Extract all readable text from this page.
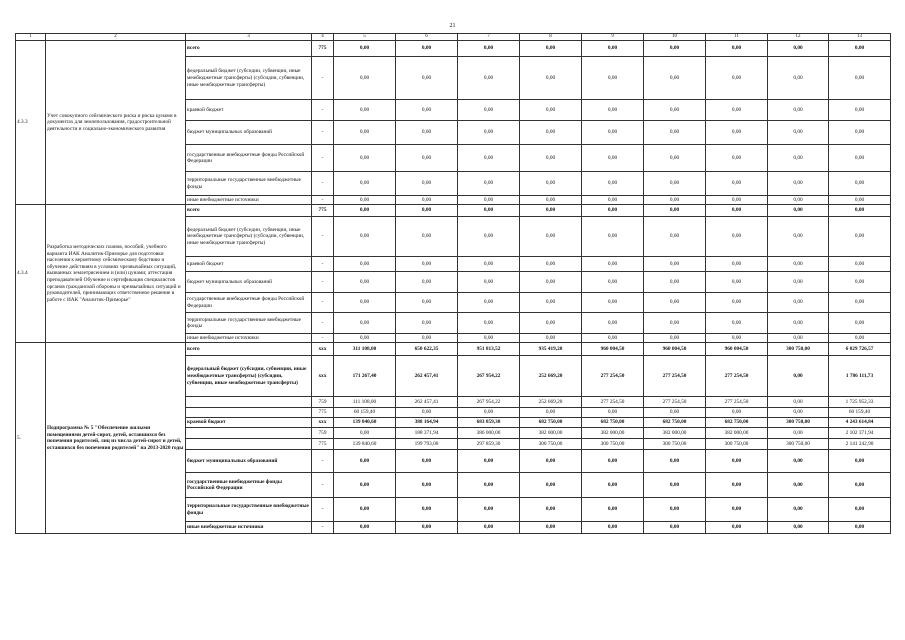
21
1	2	3	4	5	6	7	8	9	10	11	12	13
4.3.3	Учет совокупного сейсмического риска и риска цунами в документах для землепользования, градостроительной деятельности и социально-экономического развития	всего	775	0,00	0,00	0,00	0,00	0,00	0,00	0,00	0,00	0,00
		федеральный бюджет (субсидии, субвенции, иные межбюджетные трансферты) (субсидии, субвенции, иные межбюджетные трансферты)	-	0,00	0,00	0,00	0,00	0,00	0,00	0,00	0,00	0,00
		краевой бюджет	-	0,00	0,00	0,00	0,00	0,00	0,00	0,00	0,00	0,00
		бюджет муниципальных образований	-	0,00	0,00	0,00	0,00	0,00	0,00	0,00	0,00	0,00
		государственные внебюджетные фонды Российской Федерации	-	0,00	0,00	0,00	0,00	0,00	0,00	0,00	0,00	0,00
		территориальные государственные внебюджетные фонды	-	0,00	0,00	0,00	0,00	0,00	0,00	0,00	0,00	0,00
		иные внебюджетные источники	-	0,00	0,00	0,00	0,00	0,00	0,00	0,00	0,00	0,00
4.3.4	Разработка методических планов, пособий, учебного варианта ИАК Аналитик-Приморье для подготовки населения к вероятному сейсмическому бедствию и обучение действиям в условиях чрезвычайных ситуаций, вызванных землетрясением и (или) цунами; аттестация преподавателей Обучение и сертификация специалистов органов гражданской обороны и чрезвычайных ситуаций и руководителей, принимающих ответственное решение в работе с ИАК "Аналитик-Приморье"	всего	775	0,00	0,00	0,00	0,00	0,00	0,00	0,00	0,00	0,00
		федеральный бюджет (субсидии, субвенции, иные межбюджетные трансферты) (субсидии, субвенции, иные межбюджетные трансферты)	-	0,00	0,00	0,00	0,00	0,00	0,00	0,00	0,00	0,00
		краевой бюджет	-	0,00	0,00	0,00	0,00	0,00	0,00	0,00	0,00	0,00
		бюджет муниципальных образований	-	0,00	0,00	0,00	0,00	0,00	0,00	0,00	0,00	0,00
		государственные внебюджетные фонды Российской Федерации	-	0,00	0,00	0,00	0,00	0,00	0,00	0,00	0,00	0,00
		территориальные государственные внебюджетные фонды	-	0,00	0,00	0,00	0,00	0,00	0,00	0,00	0,00	0,00
		иные внебюджетные источники	-	0,00	0,00	0,00	0,00	0,00	0,00	0,00	0,00	0,00
5.	Подпрограмма № 5 "Обеспечение жилыми помещениями детей-сирот, детей, оставшихся без попечения родителей, лиц из числа детей-сирот и детей, оставшихся без попечения родителей" на 2013-2020 годы	всего	ххх	311 108,00	650 622,35	951 813,52	935 419,20	960 004,50	960 004,50	960 004,50	300 750,00	6 029 726,57
		федеральный бюджет (субсидии, субвенции, иные межбюджетные трансферты) (субсидии, субвенции, иные межбюджетные трансферты)	ххх	171 267,40	262 457,41	267 954,22	252 669,20	277 254,50	277 254,50	277 254,50	0,00	1 786 111,73
			759	111 108,00	262 457,41	267 954,22	252 669,20	277 254,50	277 254,50	277 254,50	0,00	1 725 952,33
			775	60 159,40	0,00	0,00	0,00	0,00	0,00	0,00	0,00	60 159,40
		краевой бюджет	ххх	139 840,60	388 164,94	683 859,30	682 750,00	682 750,00	682 750,00	682 750,00	300 750,00	4 243 614,84
			759	0,00	188 371,94	386 000,00	382 000,00	382 000,00	382 000,00	382 000,00	0,00	2 102 371,94
			775	139 840,60	199 793,00	297 859,30	300 750,00	300 750,00	300 750,00	300 750,00	300 750,00	2 141 242,90
		бюджет муниципальных образований	-	0,00	0,00	0,00	0,00	0,00	0,00	0,00	0,00	0,00
		государственные внебюджетные фонды Российской Федерации	-	0,00	0,00	0,00	0,00	0,00	0,00	0,00	0,00	0,00
		территориальные государственные внебюджетные фонды	-	0,00	0,00	0,00	0,00	0,00	0,00	0,00	0,00	0,00
		иные внебюджетные источники	-	0,00	0,00	0,00	0,00	0,00	0,00	0,00	0,00	0,00
